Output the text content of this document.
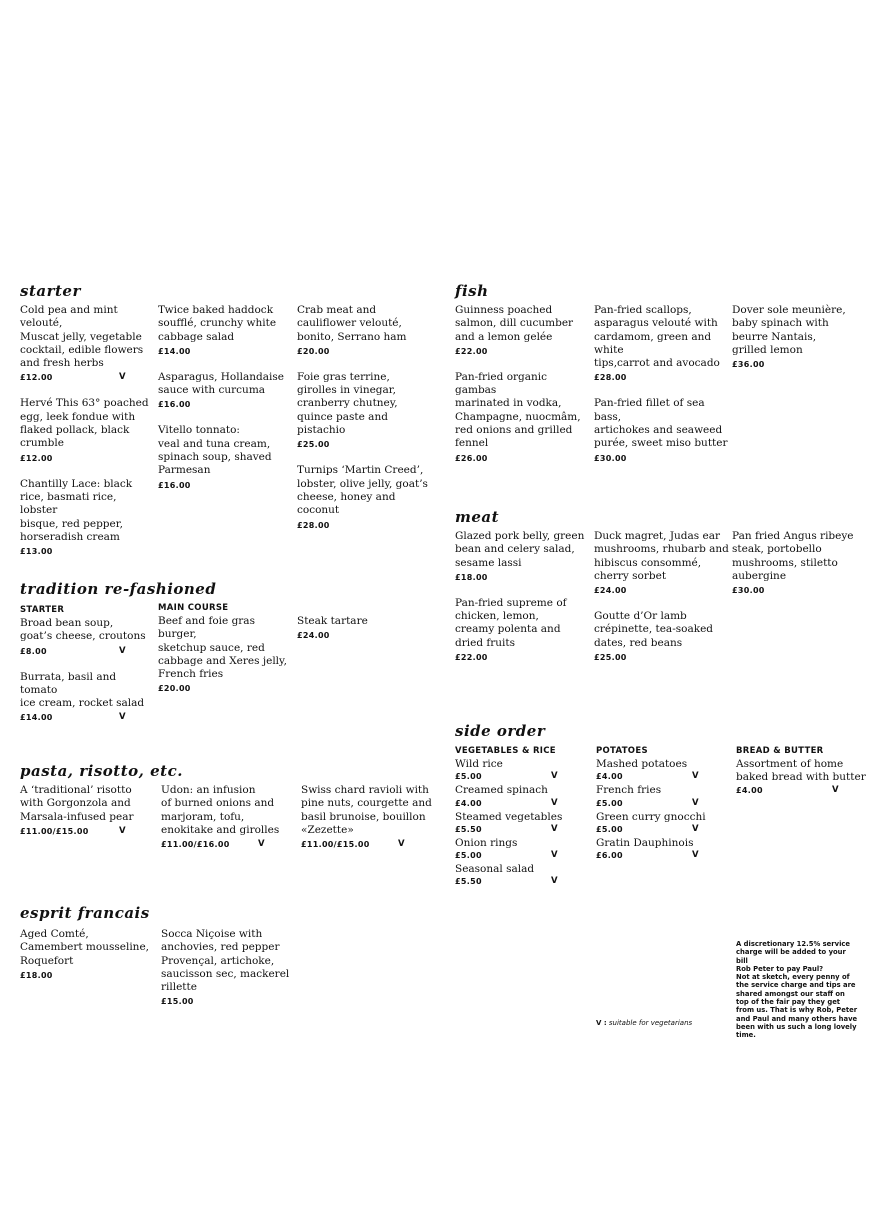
starter

Cold pea and mint velouté,
Muscat jelly, vegetable
cocktail, edible flowers
and fresh herbs

£12.00	V

Hervé This 63° poached
egg, leek fondue with
flaked pollack, black
crumble

£12.00

Chantilly Lace: black
rice, basmati rice, lobster
bisque, red pepper,
horseradish cream

£13.00

Twice baked haddock
soufflé, crunchy white
cabbage salad

£14.00

Asparagus, Hollandaise
sauce with curcuma

£16.00

Vitello tonnato:
veal and tuna cream,
spinach soup, shaved
Parmesan

£16.00

Crab meat and
cauliflower velouté,
bonito, Serrano ham

£20.00

Foie gras terrine,
girolles in vinegar,
cranberry chutney,
quince paste and pistachio

£25.00

Turnips ‘Martin Creed’,
lobster, olive jelly, goat’s
cheese, honey and coconut

£28.00
tradition re-fashioned
STARTER	MAIN COURSE

Broad bean soup,
goat’s cheese, croutons

£8.00	V

Burrata, basil and tomato
ice cream, rocket salad

£14.00	V

Beef and foie gras burger,
sketchup sauce, red
cabbage and Xeres jelly,
French fries

£20.00

Steak tartare

£24.00
pasta, risotto, etc.

A ‘traditional’ risotto
with Gorgonzola and
Marsala-infused pear

£11.00/£15.00	V

Udon: an infusion
of burned onions and
marjoram, tofu,
enokitake and girolles

£11.00/£16.00	V

Swiss chard ravioli with
pine nuts, courgette and
basil brunoise, bouillon
«Zezette»

£11.00/£15.00	V
esprit francais

Aged Comté,
Camembert mousseline,
Roquefort

£18.00

Socca Niçoise with
anchovies, red pepper
Provençal, artichoke,
saucisson sec, mackerel
rillette

£15.00
fish

Guinness poached
salmon, dill cucumber
and a lemon gelée

£22.00

Pan-fried organic gambas
marinated in vodka,
Champagne, nuocmâm,
red onions and grilled
fennel

£26.00

Pan-fried scallops,
asparagus velouté with
cardamom, green and white
tips,carrot and avocado

£28.00

Pan-fried fillet of sea bass,
artichokes and seaweed
purée, sweet miso butter

£30.00

Dover sole meunière,
baby spinach with
beurre Nantais,
grilled lemon

£36.00
meat

Glazed pork belly, green
bean and celery salad,
sesame lassi

£18.00

Pan-fried supreme of
chicken, lemon,
creamy polenta and
dried fruits

£22.00

Duck magret, Judas ear
mushrooms, rhubarb and
hibiscus consommé,
cherry sorbet

£24.00

Goutte d’Or lamb
crépinette, tea-soaked
dates, red beans

£25.00

Pan fried Angus ribeye
steak, portobello
mushrooms, stiletto
aubergine

£30.00
side order
VEGETABLES & RICE	POTATOES	BREAD & BUTTER

Wild rice

£5.00	V

Creamed spinach

£4.00	V

Steamed vegetables

£5.50	V

Onion rings

£5.00	V

Seasonal salad

£5.50	V

Mashed potatoes

£4.00	V

French fries

£5.00	V

Green curry gnocchi

£5.00	V

Gratin Dauphinois

£6.00	V

Assortment of home
baked bread with butter

£4.00	V
V : suitable for vegetarians

A discretionary 12.5% service charge will be added to your bill
Rob Peter to pay Paul?
Not at sketch, every penny of the service charge and tips are shared amongst our staff on top of the fair pay they get from us. That is why Rob, Peter and Paul and many others have been with us such a long lovely time.
